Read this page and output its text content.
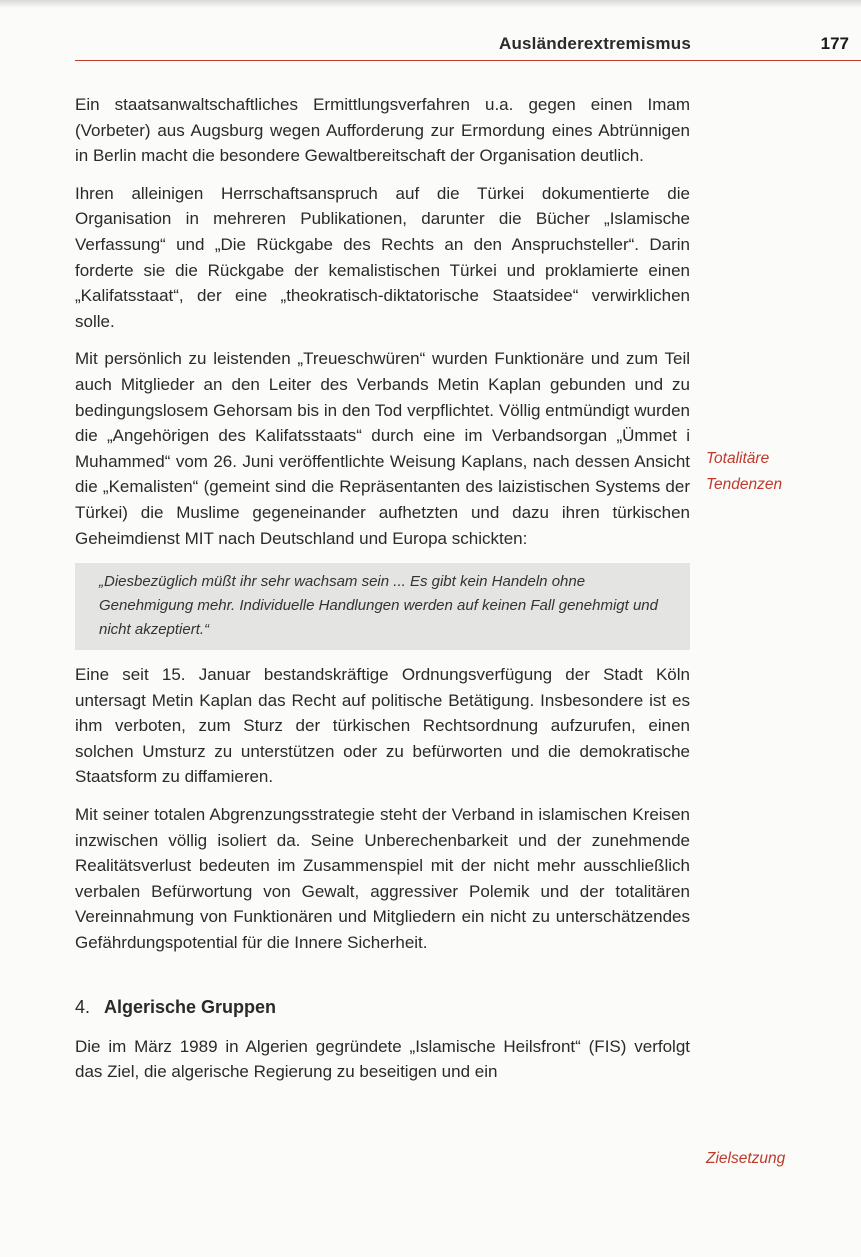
Ausländerextremismus	177

Ein staatsanwaltschaftliches Ermittlungsverfahren u.a. gegen einen Imam (Vorbeter) aus Augsburg wegen Aufforderung zur Ermordung eines Abtrünnigen in Berlin macht die besondere Gewaltbereitschaft der Organisation deutlich.

Ihren alleinigen Herrschaftsanspruch auf die Türkei dokumentierte die Organisation in mehreren Publikationen, darunter die Bücher „Islamische Verfassung“ und „Die Rückgabe des Rechts an den Anspruchsteller“. Darin forderte sie die Rückgabe der kemalistischen Türkei und proklamierte einen „Kalifatsstaat“, der eine „theokratisch-diktatorische Staatsidee“ verwirklichen solle.

Mit persönlich zu leistenden „Treueschwüren“ wurden Funktionäre und zum Teil auch Mitglieder an den Leiter des Verbands Metin Kaplan gebunden und zu bedingungslosem Gehorsam bis in den Tod verpflichtet. Völlig entmündigt wurden die „Angehörigen des Kalifatsstaats“ durch eine im Verbandsorgan „Ümmet i Muhammed“ vom 26. Juni veröffentlichte Weisung Kaplans, nach dessen Ansicht die „Kemalisten“ (gemeint sind die Repräsentanten des laizistischen Systems der Türkei) die Muslime gegeneinander aufhetzten und dazu ihren türkischen Geheimdienst MIT nach Deutschland und Europa schickten:

„Diesbezüglich müßt ihr sehr wachsam sein ... Es gibt kein Handeln ohne Genehmigung mehr. Individuelle Handlungen werden auf keinen Fall genehmigt und nicht akzeptiert.“

Eine seit 15. Januar bestandskräftige Ordnungsverfügung der Stadt Köln untersagt Metin Kaplan das Recht auf politische Betätigung. Insbesondere ist es ihm verboten, zum Sturz der türkischen Rechtsordnung aufzurufen, einen solchen Umsturz zu unterstützen oder zu befürworten und die demokratische Staatsform zu diffamieren.

Mit seiner totalen Abgrenzungsstrategie steht der Verband in islamischen Kreisen inzwischen völlig isoliert da. Seine Unberechenbarkeit und der zunehmende Realitätsverlust bedeuten im Zusammenspiel mit der nicht mehr ausschließlich verbalen Befürwortung von Gewalt, aggressiver Polemik und der totalitären Vereinnahmung von Funktionären und Mitgliedern ein nicht zu unterschätzendes Gefährdungspotential für die Innere Sicherheit.

4. Algerische Gruppen

Die im März 1989 in Algerien gegründete „Islamische Heilsfront“ (FIS) verfolgt das Ziel, die algerische Regierung zu beseitigen und ein

Totalitäre
Tendenzen
Zielsetzung
